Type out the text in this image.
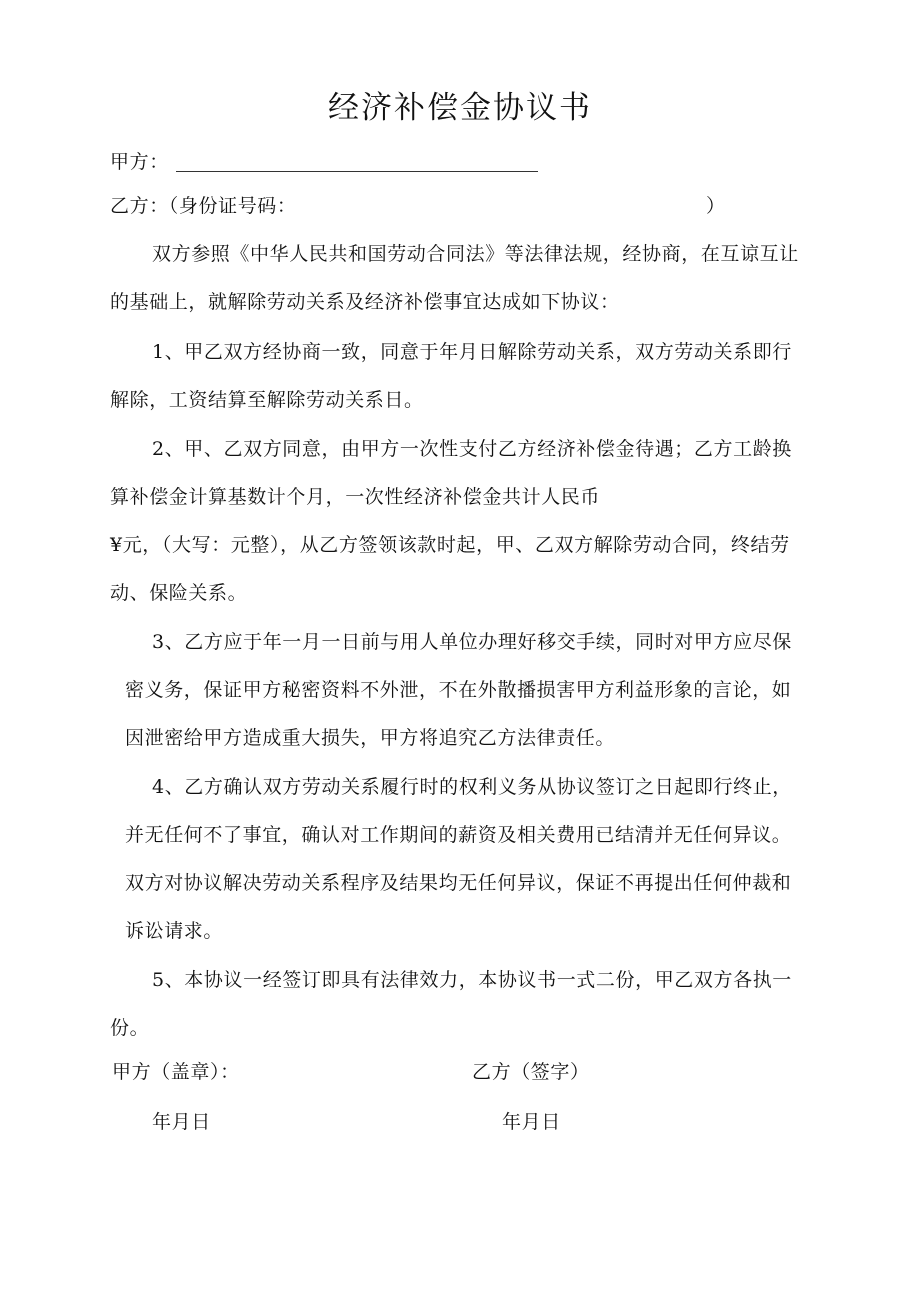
经济补偿金协议书
甲方：
乙方：（身份证号码：	）
双方参照《中华人民共和国劳动合同法》等法律法规，经协商，在互谅互让
的基础上，就解除劳动关系及经济补偿事宜达成如下协议：
1、甲乙双方经协商一致，同意于年月日解除劳动关系，双方劳动关系即行
解除，工资结算至解除劳动关系日。
2、甲、乙双方同意，由甲方一次性支付乙方经济补偿金待遇；乙方工龄换
算补偿金计算基数计个月，一次性经济补偿金共计人民币
¥元，（大写：元整），从乙方签领该款时起，甲、乙双方解除劳动合同，终结劳
动、保险关系。
3、乙方应于年一月一日前与用人单位办理好移交手续，同时对甲方应尽保
密义务，保证甲方秘密资料不外泄，不在外散播损害甲方利益形象的言论，如
因泄密给甲方造成重大损失，甲方将追究乙方法律责任。
4、乙方确认双方劳动关系履行时的权利义务从协议签订之日起即行终止，
并无任何不了事宜，确认对工作期间的薪资及相关费用已结清并无任何异议。
双方对协议解决劳动关系程序及结果均无任何异议，保证不再提出任何仲裁和
诉讼请求。
5、本协议一经签订即具有法律效力，本协议书一式二份，甲乙双方各执一
份。
甲方（盖章）：	乙方（签字）
年月日	年月日
